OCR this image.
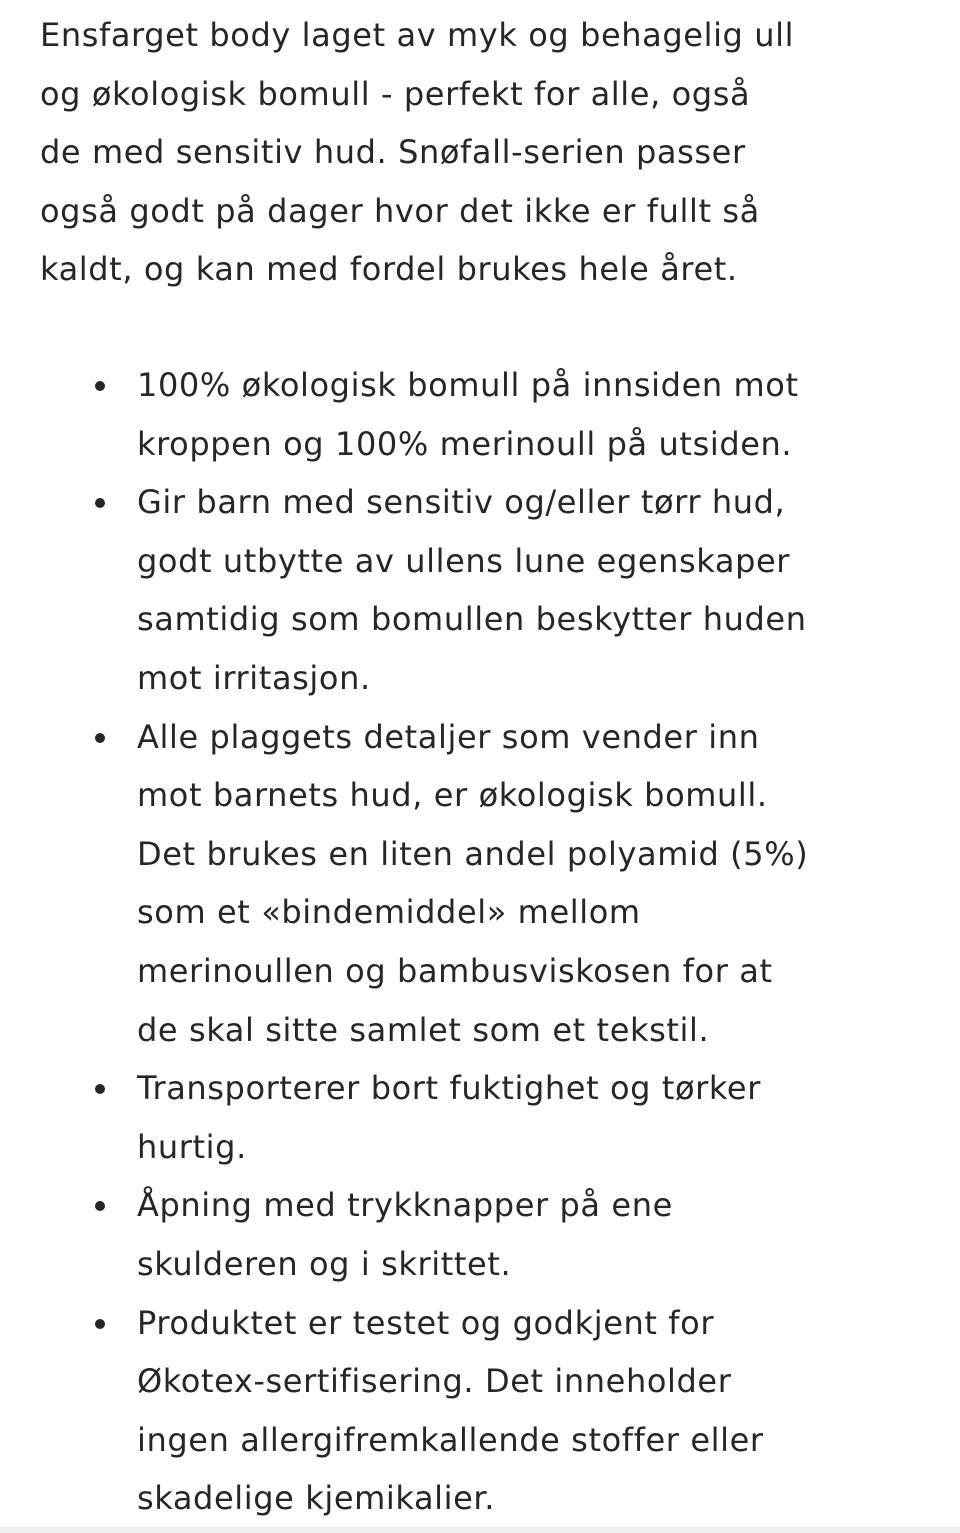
Ensfarget body laget av myk og behagelig ull
og økologisk bomull - perfekt for alle, også
de med sensitiv hud. Snøfall-serien passer
også godt på dager hvor det ikke er fullt så
kaldt, og kan med fordel brukes hele året.

100% økologisk bomull på innsiden mot
kroppen og 100% merinoull på utsiden.
Gir barn med sensitiv og/eller tørr hud,
godt utbytte av ullens lune egenskaper
samtidig som bomullen beskytter huden
mot irritasjon.
Alle plaggets detaljer som vender inn
mot barnets hud, er økologisk bomull.
Det brukes en liten andel polyamid (5%)
som et «bindemiddel» mellom
merinoullen og bambusviskosen for at
de skal sitte samlet som et tekstil.
Transporterer bort fuktighet og tørker
hurtig.
Åpning med trykknapper på ene
skulderen og i skrittet.
Produktet er testet og godkjent for
Økotex-sertifisering. Det inneholder
ingen allergifremkallende stoffer eller
skadelige kjemikalier.
